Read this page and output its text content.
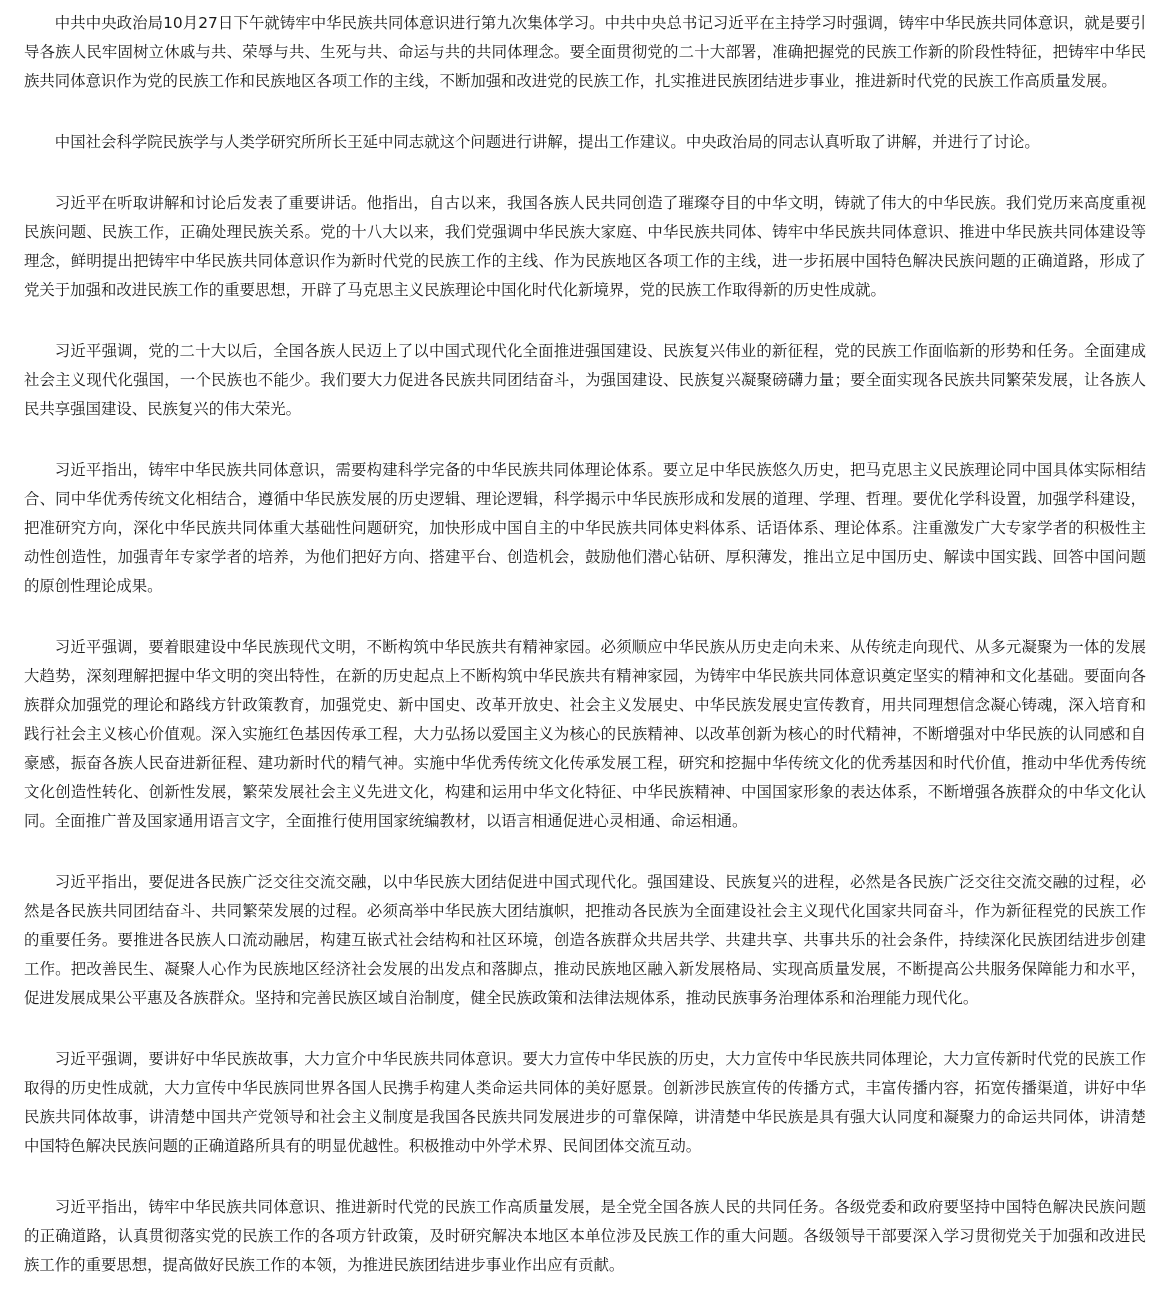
中共中央政治局10月27日下午就铸牢中华民族共同体意识进行第九次集体学习。中共中央总书记习近平在主持学习时强调，铸牢中华民族共同体意识，就是要引导各族人民牢固树立休戚与共、荣辱与共、生死与共、命运与共的共同体理念。要全面贯彻党的二十大部署，准确把握党的民族工作新的阶段性特征，把铸牢中华民族共同体意识作为党的民族工作和民族地区各项工作的主线，不断加强和改进党的民族工作，扎实推进民族团结进步事业，推进新时代党的民族工作高质量发展。

中国社会科学院民族学与人类学研究所所长王延中同志就这个问题进行讲解，提出工作建议。中央政治局的同志认真听取了讲解，并进行了讨论。

习近平在听取讲解和讨论后发表了重要讲话。他指出，自古以来，我国各族人民共同创造了璀璨夺目的中华文明，铸就了伟大的中华民族。我们党历来高度重视民族问题、民族工作，正确处理民族关系。党的十八大以来，我们党强调中华民族大家庭、中华民族共同体、铸牢中华民族共同体意识、推进中华民族共同体建设等理念，鲜明提出把铸牢中华民族共同体意识作为新时代党的民族工作的主线、作为民族地区各项工作的主线，进一步拓展中国特色解决民族问题的正确道路，形成了党关于加强和改进民族工作的重要思想，开辟了马克思主义民族理论中国化时代化新境界，党的民族工作取得新的历史性成就。

习近平强调，党的二十大以后，全国各族人民迈上了以中国式现代化全面推进强国建设、民族复兴伟业的新征程，党的民族工作面临新的形势和任务。全面建成社会主义现代化强国，一个民族也不能少。我们要大力促进各民族共同团结奋斗，为强国建设、民族复兴凝聚磅礴力量；要全面实现各民族共同繁荣发展，让各族人民共享强国建设、民族复兴的伟大荣光。

习近平指出，铸牢中华民族共同体意识，需要构建科学完备的中华民族共同体理论体系。要立足中华民族悠久历史，把马克思主义民族理论同中国具体实际相结合、同中华优秀传统文化相结合，遵循中华民族发展的历史逻辑、理论逻辑，科学揭示中华民族形成和发展的道理、学理、哲理。要优化学科设置，加强学科建设，把准研究方向，深化中华民族共同体重大基础性问题研究，加快形成中国自主的中华民族共同体史料体系、话语体系、理论体系。注重激发广大专家学者的积极性主动性创造性，加强青年专家学者的培养，为他们把好方向、搭建平台、创造机会，鼓励他们潜心钻研、厚积薄发，推出立足中国历史、解读中国实践、回答中国问题的原创性理论成果。

习近平强调，要着眼建设中华民族现代文明，不断构筑中华民族共有精神家园。必须顺应中华民族从历史走向未来、从传统走向现代、从多元凝聚为一体的发展大趋势，深刻理解把握中华文明的突出特性，在新的历史起点上不断构筑中华民族共有精神家园，为铸牢中华民族共同体意识奠定坚实的精神和文化基础。要面向各族群众加强党的理论和路线方针政策教育，加强党史、新中国史、改革开放史、社会主义发展史、中华民族发展史宣传教育，用共同理想信念凝心铸魂，深入培育和践行社会主义核心价值观。深入实施红色基因传承工程，大力弘扬以爱国主义为核心的民族精神、以改革创新为核心的时代精神，不断增强对中华民族的认同感和自豪感，振奋各族人民奋进新征程、建功新时代的精气神。实施中华优秀传统文化传承发展工程，研究和挖掘中华传统文化的优秀基因和时代价值，推动中华优秀传统文化创造性转化、创新性发展，繁荣发展社会主义先进文化，构建和运用中华文化特征、中华民族精神、中国国家形象的表达体系，不断增强各族群众的中华文化认同。全面推广普及国家通用语言文字，全面推行使用国家统编教材，以语言相通促进心灵相通、命运相通。

习近平指出，要促进各民族广泛交往交流交融，以中华民族大团结促进中国式现代化。强国建设、民族复兴的进程，必然是各民族广泛交往交流交融的过程，必然是各民族共同团结奋斗、共同繁荣发展的过程。必须高举中华民族大团结旗帜，把推动各民族为全面建设社会主义现代化国家共同奋斗，作为新征程党的民族工作的重要任务。要推进各民族人口流动融居，构建互嵌式社会结构和社区环境，创造各族群众共居共学、共建共享、共事共乐的社会条件，持续深化民族团结进步创建工作。把改善民生、凝聚人心作为民族地区经济社会发展的出发点和落脚点，推动民族地区融入新发展格局、实现高质量发展，不断提高公共服务保障能力和水平，促进发展成果公平惠及各族群众。坚持和完善民族区域自治制度，健全民族政策和法律法规体系，推动民族事务治理体系和治理能力现代化。

习近平强调，要讲好中华民族故事，大力宣介中华民族共同体意识。要大力宣传中华民族的历史，大力宣传中华民族共同体理论，大力宣传新时代党的民族工作取得的历史性成就，大力宣传中华民族同世界各国人民携手构建人类命运共同体的美好愿景。创新涉民族宣传的传播方式，丰富传播内容，拓宽传播渠道，讲好中华民族共同体故事，讲清楚中国共产党领导和社会主义制度是我国各民族共同发展进步的可靠保障，讲清楚中华民族是具有强大认同度和凝聚力的命运共同体，讲清楚中国特色解决民族问题的正确道路所具有的明显优越性。积极推动中外学术界、民间团体交流互动。

习近平指出，铸牢中华民族共同体意识、推进新时代党的民族工作高质量发展，是全党全国各族人民的共同任务。各级党委和政府要坚持中国特色解决民族问题的正确道路，认真贯彻落实党的民族工作的各项方针政策，及时研究解决本地区本单位涉及民族工作的重大问题。各级领导干部要深入学习贯彻党关于加强和改进民族工作的重要思想，提高做好民族工作的本领，为推进民族团结进步事业作出应有贡献。
